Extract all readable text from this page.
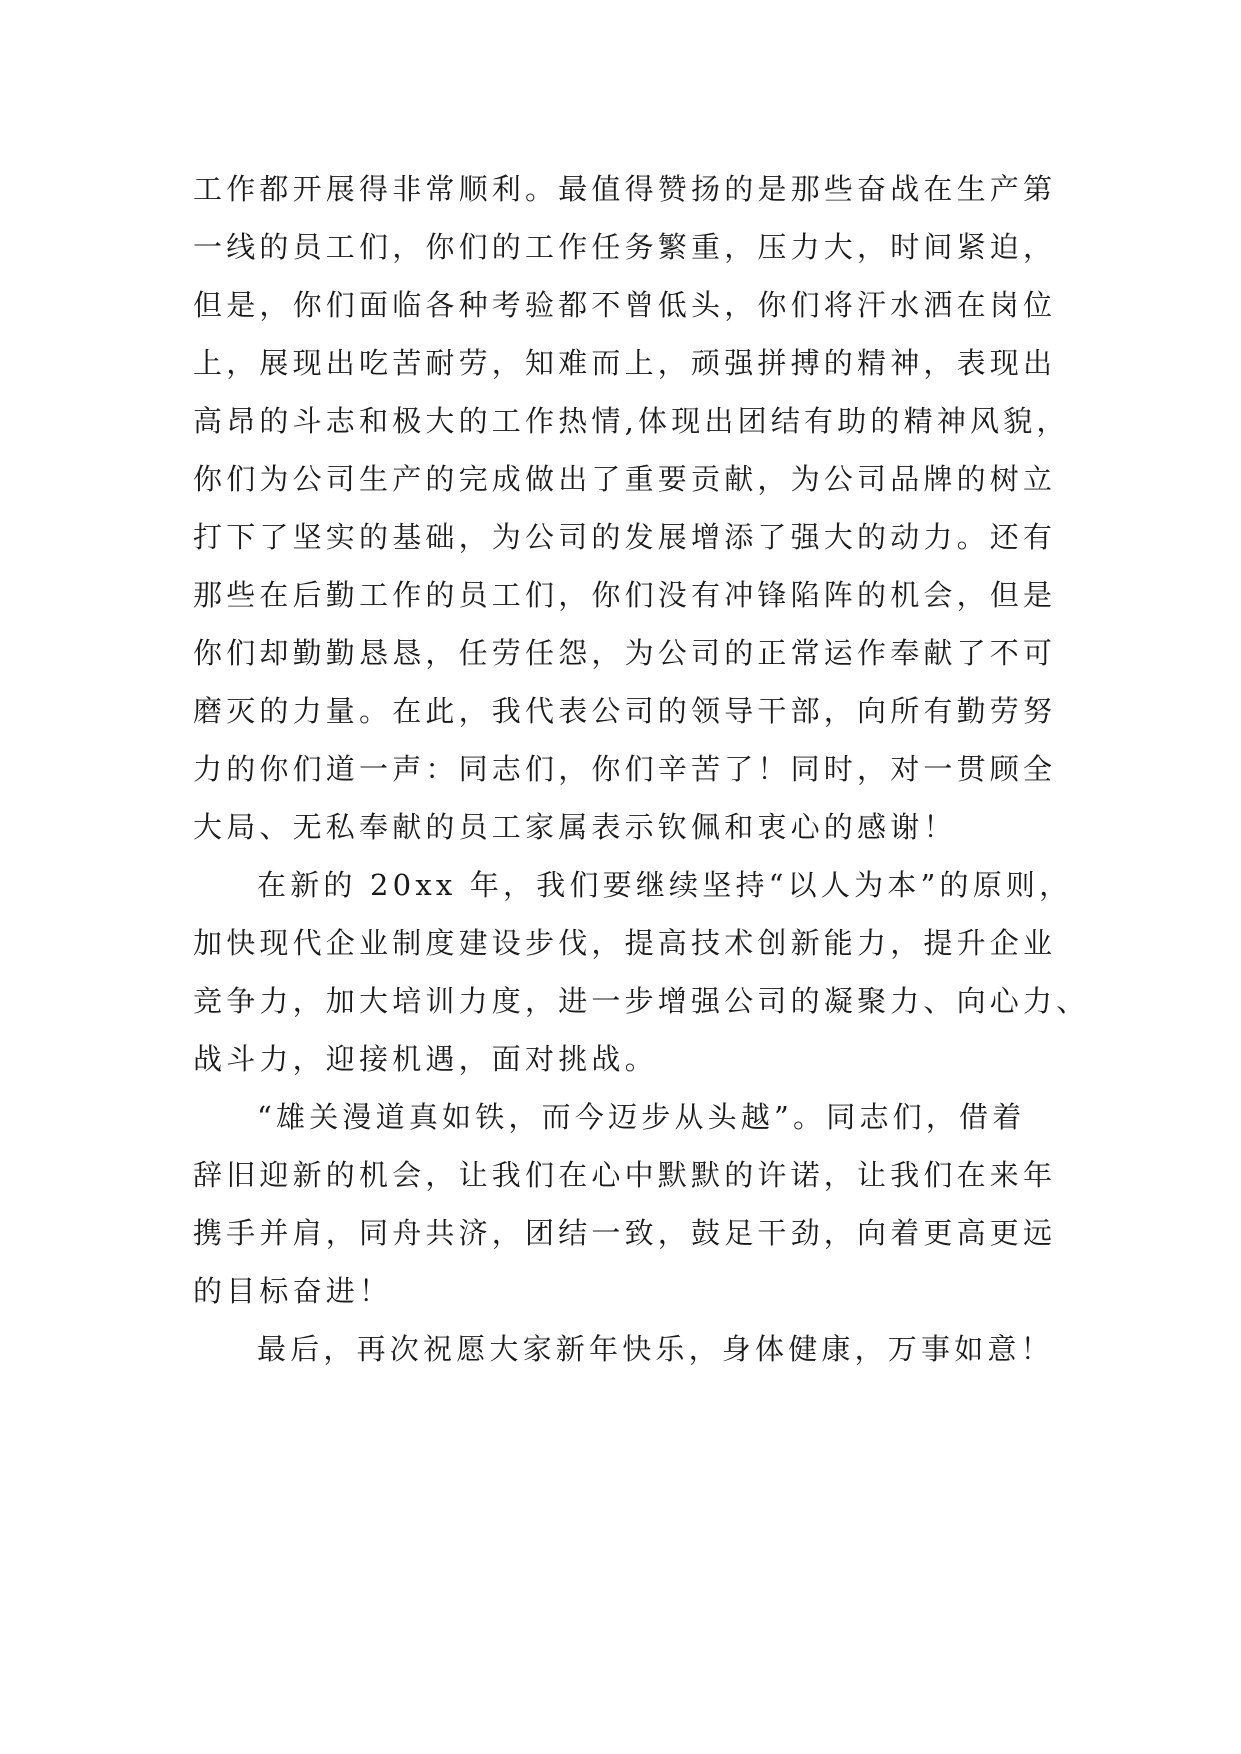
工作都开展得非常顺利。最值得赞扬的是那些奋战在生产第
一线的员工们，你们的工作任务繁重，压力大，时间紧迫，
但是，你们面临各种考验都不曾低头，你们将汗水洒在岗位
上，展现出吃苦耐劳，知难而上，顽强拼搏的精神，表现出
高昂的斗志和极大的工作热情,体现出团结有助的精神风貌，
你们为公司生产的完成做出了重要贡献，为公司品牌的树立
打下了坚实的基础，为公司的发展增添了强大的动力。还有
那些在后勤工作的员工们，你们没有冲锋陷阵的机会，但是
你们却勤勤恳恳，任劳任怨，为公司的正常运作奉献了不可
磨灭的力量。在此，我代表公司的领导干部，向所有勤劳努
力的你们道一声：同志们，你们辛苦了！同时，对一贯顾全
大局、无私奉献的员工家属表示钦佩和衷心的感谢！
在新的 20xx 年，我们要继续坚持“以人为本”的原则，
加快现代企业制度建设步伐，提高技术创新能力，提升企业
竞争力，加大培训力度，进一步增强公司的凝聚力、向心力、
战斗力，迎接机遇，面对挑战。
“雄关漫道真如铁，而今迈步从头越”。同志们，借着
辞旧迎新的机会，让我们在心中默默的许诺，让我们在来年
携手并肩，同舟共济，团结一致，鼓足干劲，向着更高更远
的目标奋进！
最后，再次祝愿大家新年快乐，身体健康，万事如意！
